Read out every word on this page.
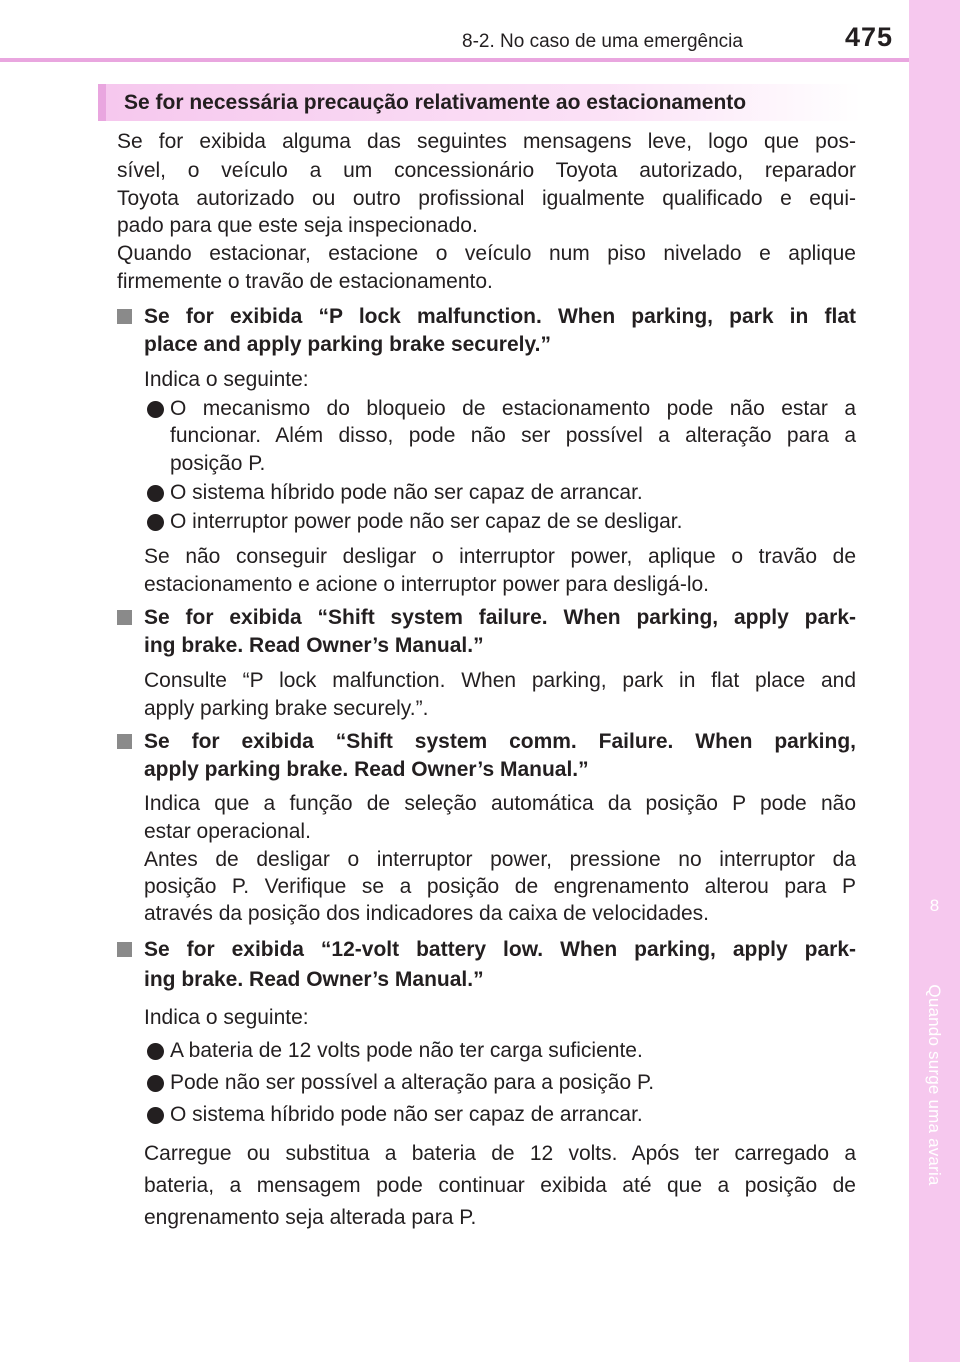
8
Quando surge uma avaria
8-2. No caso de uma emergência	475
Se for necessária precaução relativamente ao estacionamento
Se for exibida alguma das seguintes mensagens leve, logo que pos-
sível, o veículo a um concessionário Toyota autorizado, reparador
Toyota autorizado ou outro profissional igualmente qualificado e equi-
pado para que este seja inspecionado.
Quando estacionar, estacione o veículo num piso nivelado e aplique
firmemente o travão de estacionamento.
Se for exibida “P lock malfunction. When parking, park in flat
place and apply parking brake securely.”
Indica o seguinte:
O mecanismo do bloqueio de estacionamento pode não estar a
funcionar. Além disso, pode não ser possível a alteração para a
posição P.
O sistema híbrido pode não ser capaz de arrancar.
O interruptor power pode não ser capaz de se desligar.
Se não conseguir desligar o interruptor power, aplique o travão de
estacionamento e acione o interruptor power para desligá-lo.
Se for exibida “Shift system failure. When parking, apply park-
ing brake. Read Owner’s Manual.”
Consulte “P lock malfunction. When parking, park in flat place and
apply parking brake securely.”.
Se for exibida “Shift system comm. Failure. When parking,
apply parking brake. Read Owner’s Manual.”
Indica que a função de seleção automática da posição P pode não
estar operacional.
Antes de desligar o interruptor power, pressione no interruptor da
posição P. Verifique se a posição de engrenamento alterou para P
através da posição dos indicadores da caixa de velocidades.
Se for exibida “12-volt battery low. When parking, apply park-
ing brake. Read Owner’s Manual.”
Indica o seguinte:
A bateria de 12 volts pode não ter carga suficiente.
Pode não ser possível a alteração para a posição P.
O sistema híbrido pode não ser capaz de arrancar.
Carregue ou substitua a bateria de 12 volts. Após ter carregado a
bateria, a mensagem pode continuar exibida até que a posição de
engrenamento seja alterada para P.
